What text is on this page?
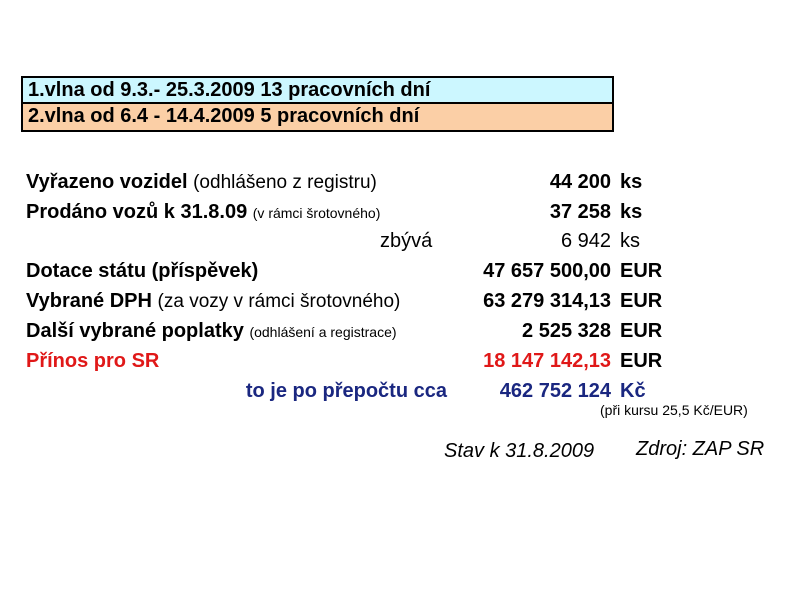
1.vlna od 9.3.- 25.3.2009 13 pracovních dní
2.vlna od 6.4 - 14.4.2009 5 pracovních dní
Vyřazeno vozidel (odhlášeno z registru)	44 200 ks
Prodáno vozů k 31.8.09 (v rámci šrotovného)	37 258 ks
zbývá	6 942 ks
Dotace státu (příspěvek)	47 657 500,00 EUR
Vybrané DPH (za vozy v rámci šrotovného)	63 279 314,13 EUR
Další vybrané poplatky (odhlášení a registrace)	2 525 328 EUR
Přínos pro SR	18 147 142,13 EUR
to je po přepočtu cca	462 752 124 Kč
(při kursu 25,5 Kč/EUR)
Stav k 31.8.2009 Zdroj: ZAP SR
